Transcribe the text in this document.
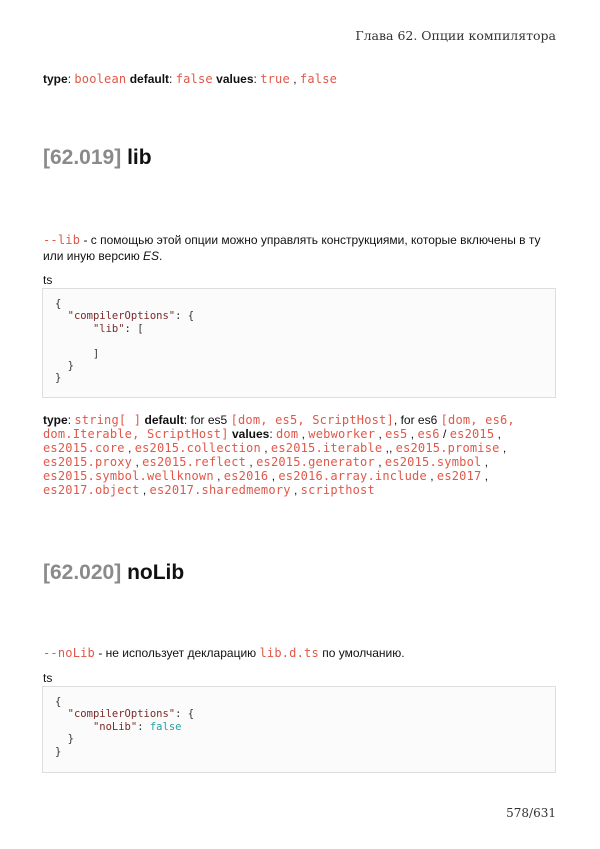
Глава 62. Опции компилятора
type: boolean default: false values: true , false
[62.019] lib
--lib - с помощью этой опции можно управлять конструкциями, которые включены в ту или иную версию ES.
ts
{
"compilerOptions": {
"lib": [

]
}
}
type: string[ ] default: for es5 [dom, es5, ScriptHost], for es6 [dom, es6, dom.Iterable, ScriptHost] values: dom , webworker , es5 , es6 / es2015 , es2015.core , es2015.collection , es2015.iterable ,, es2015.promise , es2015.proxy , es2015.reflect , es2015.generator , es2015.symbol , es2015.symbol.wellknown , es2016 , es2016.array.include , es2017 , es2017.object , es2017.sharedmemory , scripthost
[62.020] noLib
--noLib - не использует декларацию lib.d.ts по умолчанию.
ts
{
"compilerOptions": {
"noLib": false
}
}
578/631
